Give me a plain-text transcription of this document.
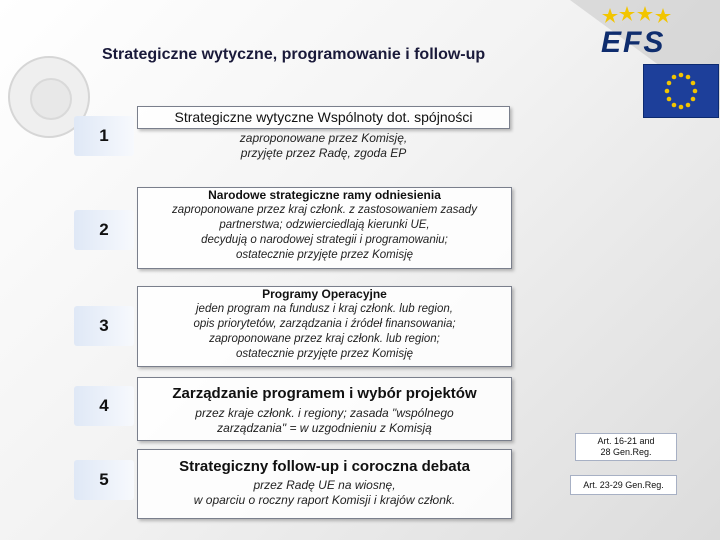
Strategiczne wytyczne, programowanie i follow-up	EFS
1
Strategiczne wytyczne Wspólnoty dot. spójności
zaproponowane przez Komisję,
przyjęte przez Radę, zgoda EP
2
Narodowe strategiczne ramy odniesienia
zaproponowane przez kraj członk. z zastosowaniem zasady
partnerstwa; odzwierciedlają kierunki UE,
decydują o narodowej strategii i programowaniu;
ostatecznie przyjęte przez Komisję
3
Programy Operacyjne
jeden program na fundusz i kraj członk. lub region,
opis priorytetów, zarządzania i źródeł finansowania;
zaproponowane przez kraj członk. lub region;
ostatecznie przyjęte przez Komisję
4
Zarządzanie programem i wybór projektów
przez kraje członk. i regiony; zasada "wspólnego
zarządzania" = w uzgodnieniu z Komisją
5
Strategiczny follow-up i coroczna debata
przez Radę UE na wiosnę,
w oparciu o roczny raport Komisji i krajów członk.
Art. 16-21 and
28 Gen.Reg.
Art. 23-29 Gen.Reg.
